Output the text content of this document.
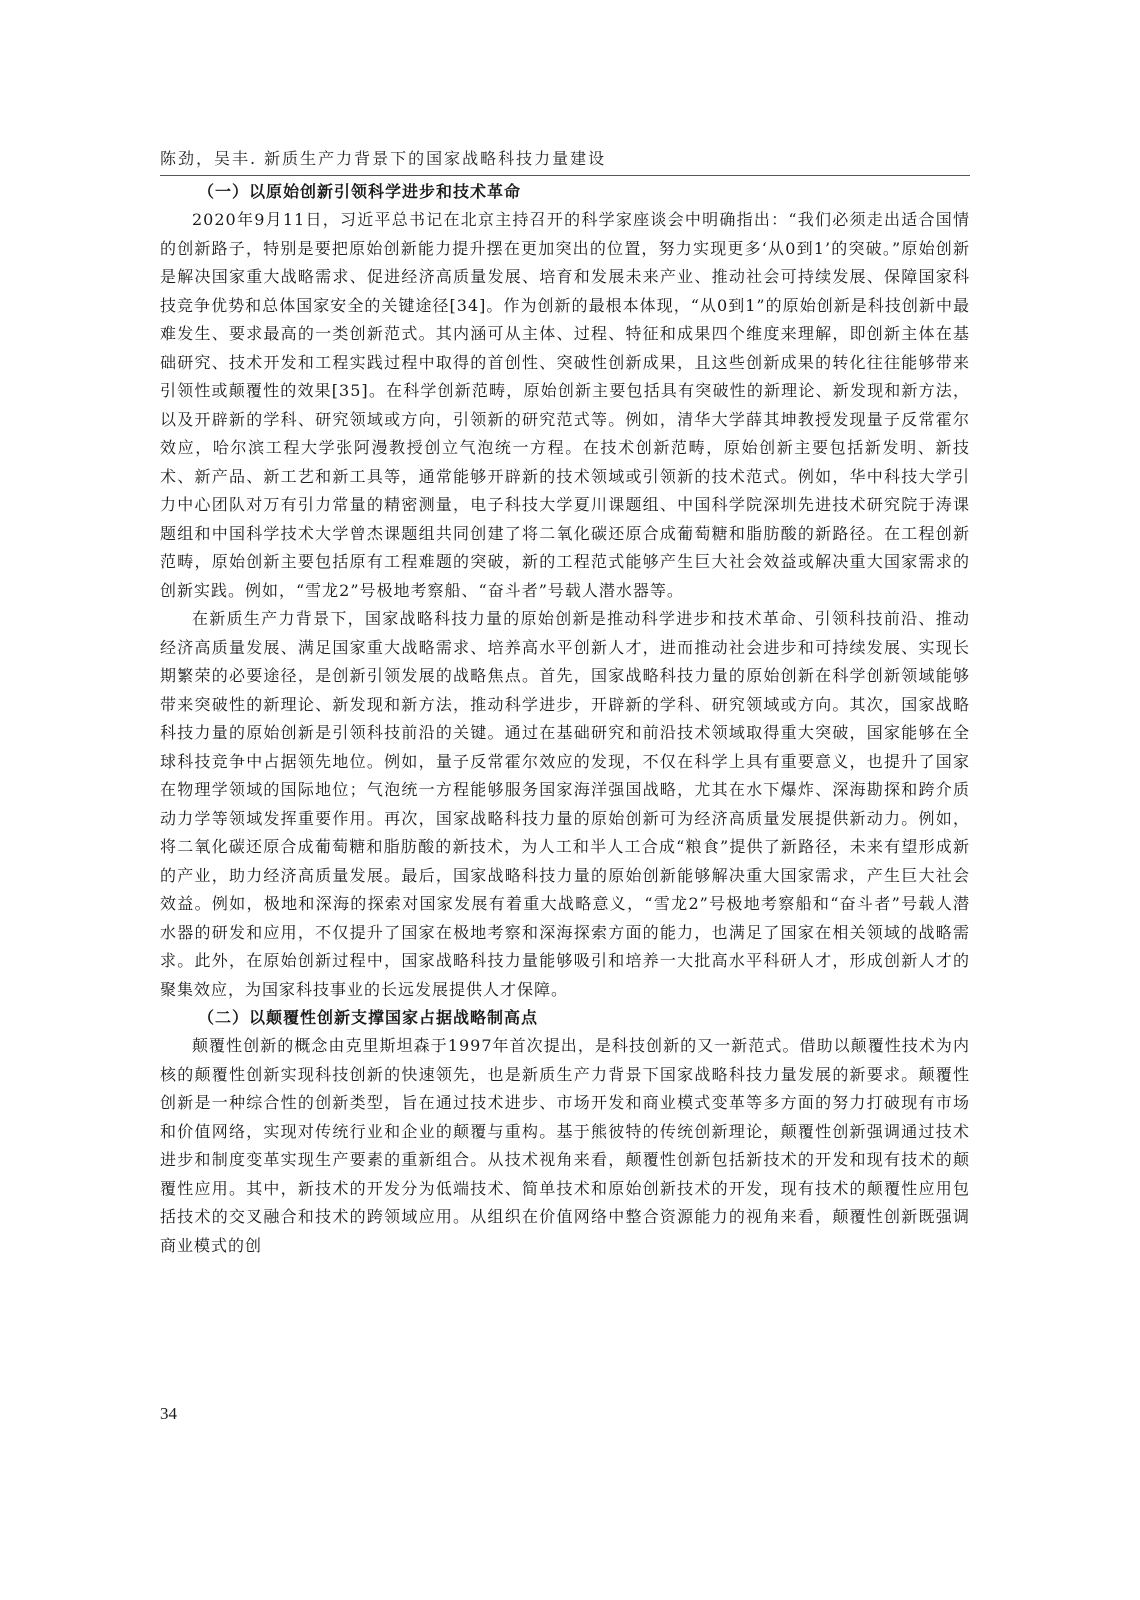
陈劲，吴丰. 新质生产力背景下的国家战略科技力量建设
（一）以原始创新引领科学进步和技术革命

2020年9月11日，习近平总书记在北京主持召开的科学家座谈会中明确指出：“我们必须走出适合国情的创新路子，特别是要把原始创新能力提升摆在更加突出的位置，努力实现更多‘从0到1’的突破。”原始创新是解决国家重大战略需求、促进经济高质量发展、培育和发展未来产业、推动社会可持续发展、保障国家科技竞争优势和总体国家安全的关键途径[34]。作为创新的最根本体现，“从0到1”的原始创新是科技创新中最难发生、要求最高的一类创新范式。其内涵可从主体、过程、特征和成果四个维度来理解，即创新主体在基础研究、技术开发和工程实践过程中取得的首创性、突破性创新成果，且这些创新成果的转化往往能够带来引领性或颠覆性的效果[35]。在科学创新范畴，原始创新主要包括具有突破性的新理论、新发现和新方法，以及开辟新的学科、研究领域或方向，引领新的研究范式等。例如，清华大学薛其坤教授发现量子反常霍尔效应，哈尔滨工程大学张阿漫教授创立气泡统一方程。在技术创新范畴，原始创新主要包括新发明、新技术、新产品、新工艺和新工具等，通常能够开辟新的技术领域或引领新的技术范式。例如，华中科技大学引力中心团队对万有引力常量的精密测量，电子科技大学夏川课题组、中国科学院深圳先进技术研究院于涛课题组和中国科学技术大学曾杰课题组共同创建了将二氧化碳还原合成葡萄糖和脂肪酸的新路径。在工程创新范畴，原始创新主要包括原有工程难题的突破，新的工程范式能够产生巨大社会效益或解决重大国家需求的创新实践。例如，“雪龙2”号极地考察船、“奋斗者”号载人潜水器等。

在新质生产力背景下，国家战略科技力量的原始创新是推动科学进步和技术革命、引领科技前沿、推动经济高质量发展、满足国家重大战略需求、培养高水平创新人才，进而推动社会进步和可持续发展、实现长期繁荣的必要途径，是创新引领发展的战略焦点。首先，国家战略科技力量的原始创新在科学创新领域能够带来突破性的新理论、新发现和新方法，推动科学进步，开辟新的学科、研究领域或方向。其次，国家战略科技力量的原始创新是引领科技前沿的关键。通过在基础研究和前沿技术领域取得重大突破，国家能够在全球科技竞争中占据领先地位。例如，量子反常霍尔效应的发现，不仅在科学上具有重要意义，也提升了国家在物理学领域的国际地位；气泡统一方程能够服务国家海洋强国战略，尤其在水下爆炸、深海勘探和跨介质动力学等领域发挥重要作用。再次，国家战略科技力量的原始创新可为经济高质量发展提供新动力。例如，将二氧化碳还原合成葡萄糖和脂肪酸的新技术，为人工和半人工合成“粮食”提供了新路径，未来有望形成新的产业，助力经济高质量发展。最后，国家战略科技力量的原始创新能够解决重大国家需求，产生巨大社会效益。例如，极地和深海的探索对国家发展有着重大战略意义，“雪龙2”号极地考察船和“奋斗者”号载人潜水器的研发和应用，不仅提升了国家在极地考察和深海探索方面的能力，也满足了国家在相关领域的战略需求。此外，在原始创新过程中，国家战略科技力量能够吸引和培养一大批高水平科研人才，形成创新人才的聚集效应，为国家科技事业的长远发展提供人才保障。

（二）以颠覆性创新支撑国家占据战略制高点

颠覆性创新的概念由克里斯坦森于1997年首次提出，是科技创新的又一新范式。借助以颠覆性技术为内核的颠覆性创新实现科技创新的快速领先，也是新质生产力背景下国家战略科技力量发展的新要求。颠覆性创新是一种综合性的创新类型，旨在通过技术进步、市场开发和商业模式变革等多方面的努力打破现有市场和价值网络，实现对传统行业和企业的颠覆与重构。基于熊彼特的传统创新理论，颠覆性创新强调通过技术进步和制度变革实现生产要素的重新组合。从技术视角来看，颠覆性创新包括新技术的开发和现有技术的颠覆性应用。其中，新技术的开发分为低端技术、简单技术和原始创新技术的开发，现有技术的颠覆性应用包括技术的交叉融合和技术的跨领域应用。从组织在价值网络中整合资源能力的视角来看，颠覆性创新既强调商业模式的创

34
